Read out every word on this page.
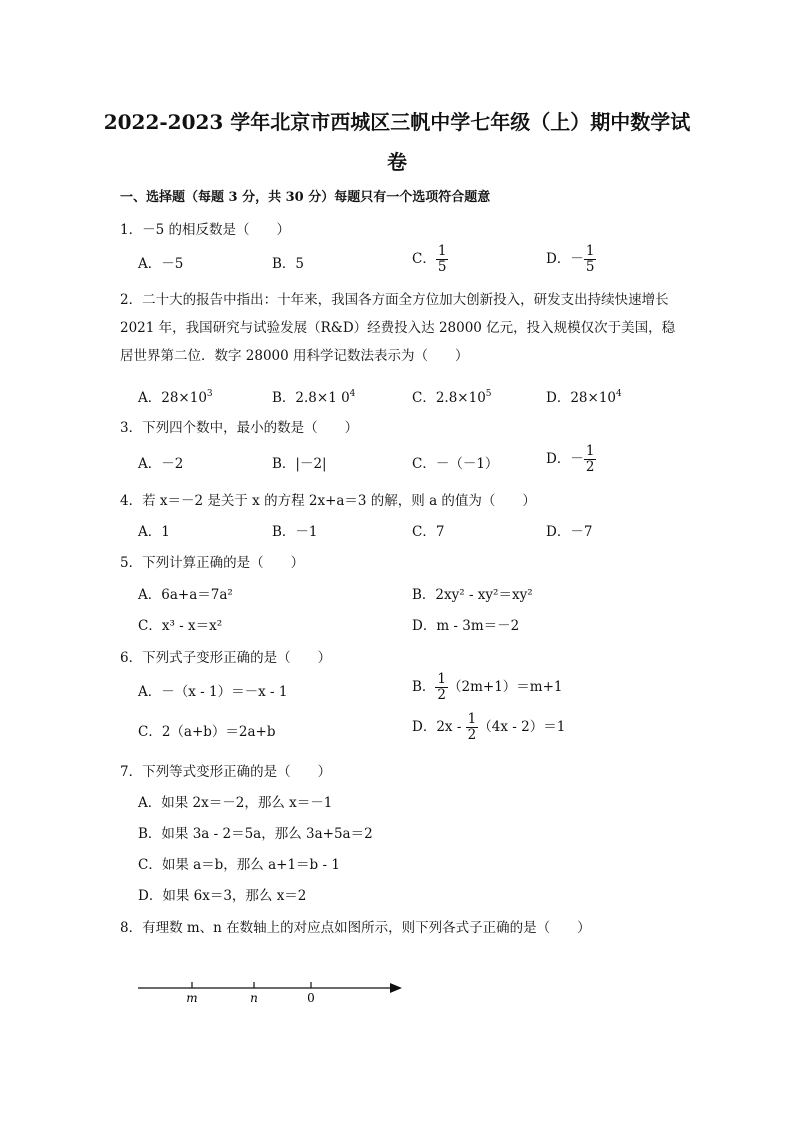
2022-2023 学年北京市西城区三帆中学七年级（上）期中数学试
卷
一、选择题（每题 3 分，共 30 分）每题只有一个选项符合题意
1．－5 的相反数是（　　）
A．－5	B．5	C． $\frac{1}{5}$	D．－ $\frac{1}{5}$
2．二十大的报告中指出：十年来，我国各方面全方位加大创新投入，研发支出持续快速增长 2021 年，我国研究与试验发展（R&D）经费投入达 28000 亿元，投入规模仅次于美国，稳居世界第二位．数字 28000 用科学记数法表示为（　　）
A．$28\times 10^3$	B．2.8×1 $0^4$	C．$2.8\times 10^5$	D．$28\times 10^4$
3．下列四个数中，最小的数是（　　）
A．－2	B．|－2|	C．－（－1）	D．－ $\frac{1}{2}$
4．若 x＝－2 是关于 x 的方程 2x+a＝3 的解，则 a 的值为（　　）
A．1	B．－1	C．7	D．－7
5．下列计算正确的是（　　）
A．6a+a＝7a²	B．2xy² - xy²＝xy²
C．x³ - x＝x²	D．m - 3m＝－2
6．下列式子变形正确的是（　　）
A．－（x - 1）＝－x - 1	B． $\frac{1}{2} (2m+1)=m+1$
C．2（a+b）＝2a+b	D．$2x - \frac{1}{2} (4x - 2)=1$
7．下列等式变形正确的是（　　）
A．如果 2x＝－2，那么 x＝－1
B．如果 3a - 2＝5a，那么 3a+5a＝2
C．如果 a＝b，那么 a+1＝b - 1
D．如果 6x＝3，那么 x＝2
8．有理数 m、n 在数轴上的对应点如图所示，则下列各式子正确的是（　　）
m	n	0
